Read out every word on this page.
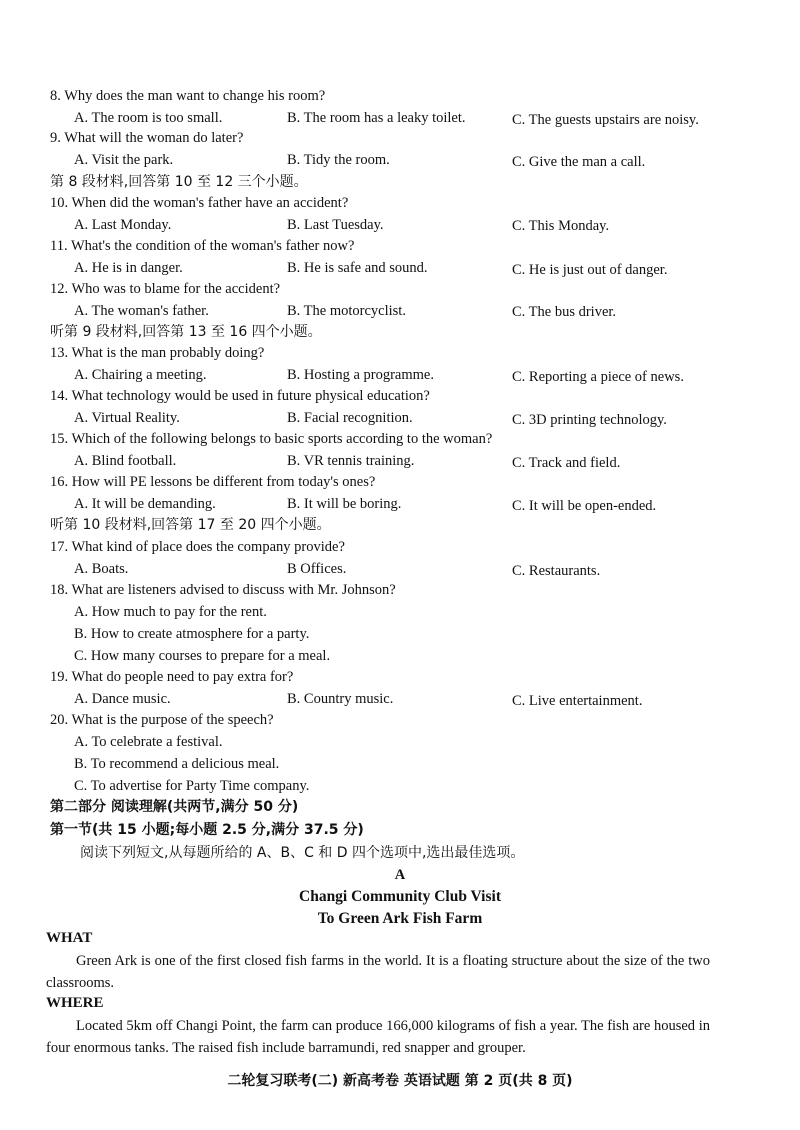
8. Why does the man want to change his room?
A. The room is too small.	B. The room has a leaky toilet.	C. The guests upstairs are noisy.
9. What will the woman do later?
A. Visit the park.	B. Tidy the room.	C. Give the man a call.
第 8 段材料,回答第 10 至 12 三个小题。
10. When did the woman's father have an accident?
A. Last Monday.	B. Last Tuesday.	C. This Monday.
11. What's the condition of the woman's father now?
A. He is in danger.	B. He is safe and sound.	C. He is just out of danger.
12. Who was to blame for the accident?
A. The woman's father.	B. The motorcyclist.	C. The bus driver.
听第 9 段材料,回答第 13 至 16 四个小题。
13. What is the man probably doing?
A. Chairing a meeting.	B. Hosting a programme.	C. Reporting a piece of news.
14. What technology would be used in future physical education?
A. Virtual Reality.	B. Facial recognition.	C. 3D printing technology.
15. Which of the following belongs to basic sports according to the woman?
A. Blind football.	B. VR tennis training.	C. Track and field.
16. How will PE lessons be different from today's ones?
A. It will be demanding.	B. It will be boring.	C. It will be open-ended.
听第 10 段材料,回答第 17 至 20 四个小题。
17. What kind of place does the company provide?
A. Boats.	B Offices.	C. Restaurants.
18. What are listeners advised to discuss with Mr. Johnson?
A. How much to pay for the rent.
B. How to create atmosphere for a party.
C. How many courses to prepare for a meal.
19. What do people need to pay extra for?
A. Dance music.	B. Country music.	C. Live entertainment.
20. What is the purpose of the speech?
A. To celebrate a festival.
B. To recommend a delicious meal.
C. To advertise for Party Time company.
第二部分 阅读理解(共两节,满分 50 分)
第一节(共 15 小题;每小题 2.5 分,满分 37.5 分)
阅读下列短文,从每题所给的 A、B、C 和 D 四个选项中,选出最佳选项。
A
Changi Community Club Visit
To Green Ark Fish Farm
WHAT
Green Ark is one of the first closed fish farms in the world. It is a floating structure about the size of the two classrooms.
WHERE
Located 5km off Changi Point, the farm can produce 166,000 kilograms of fish a year. The fish are housed in four enormous tanks. The raised fish include barramundi, red snapper and grouper.
二轮复习联考(二) 新高考卷 英语试题 第 2 页(共 8 页)
